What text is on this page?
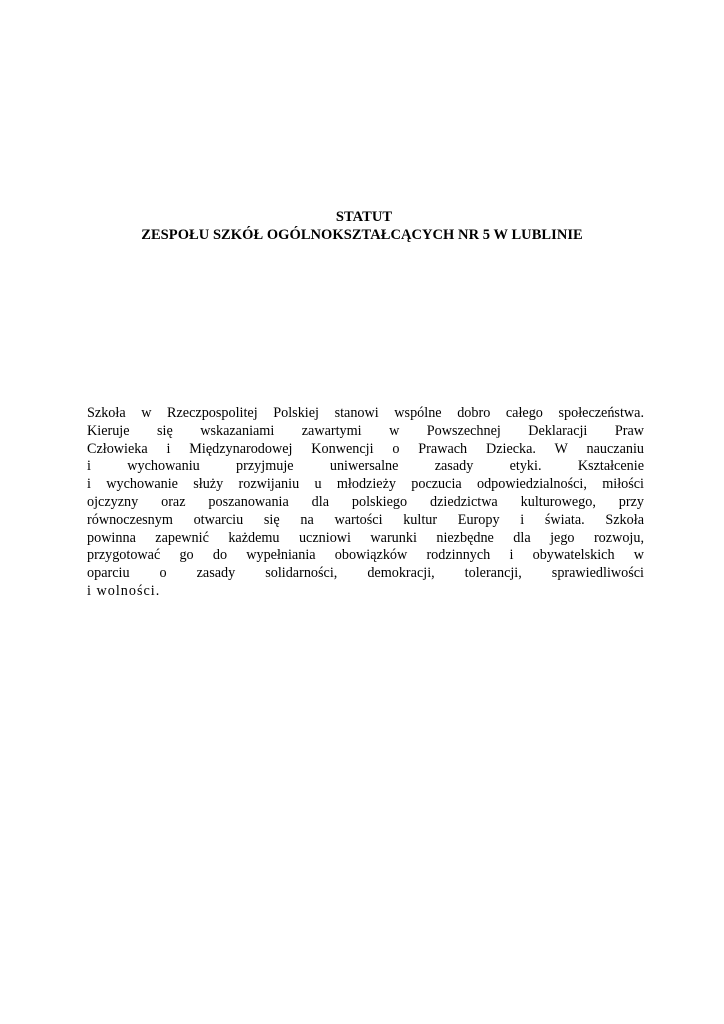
STATUT
ZESPOŁU SZKÓŁ OGÓLNOKSZTAŁCĄCYCH NR 5 W LUBLINIE
Szkoła w Rzeczpospolitej Polskiej stanowi wspólne dobro całego społeczeństwa.
Kieruje się wskazaniami zawartymi w Powszechnej Deklaracji Praw
Człowieka i Międzynarodowej Konwencji o Prawach Dziecka. W nauczaniu
i wychowaniu przyjmuje uniwersalne zasady etyki. Kształcenie
i wychowanie służy rozwijaniu u młodzieży poczucia odpowiedzialności, miłości
ojczyzny oraz poszanowania dla polskiego dziedzictwa kulturowego, przy
równoczesnym otwarciu się na wartości kultur Europy i świata. Szkoła
powinna zapewnić każdemu uczniowi warunki niezbędne dla jego rozwoju,
przygotować go do wypełniania obowiązków rodzinnych i obywatelskich w
oparciu o zasady solidarności, demokracji, tolerancji, sprawiedliwości
i wolności.
